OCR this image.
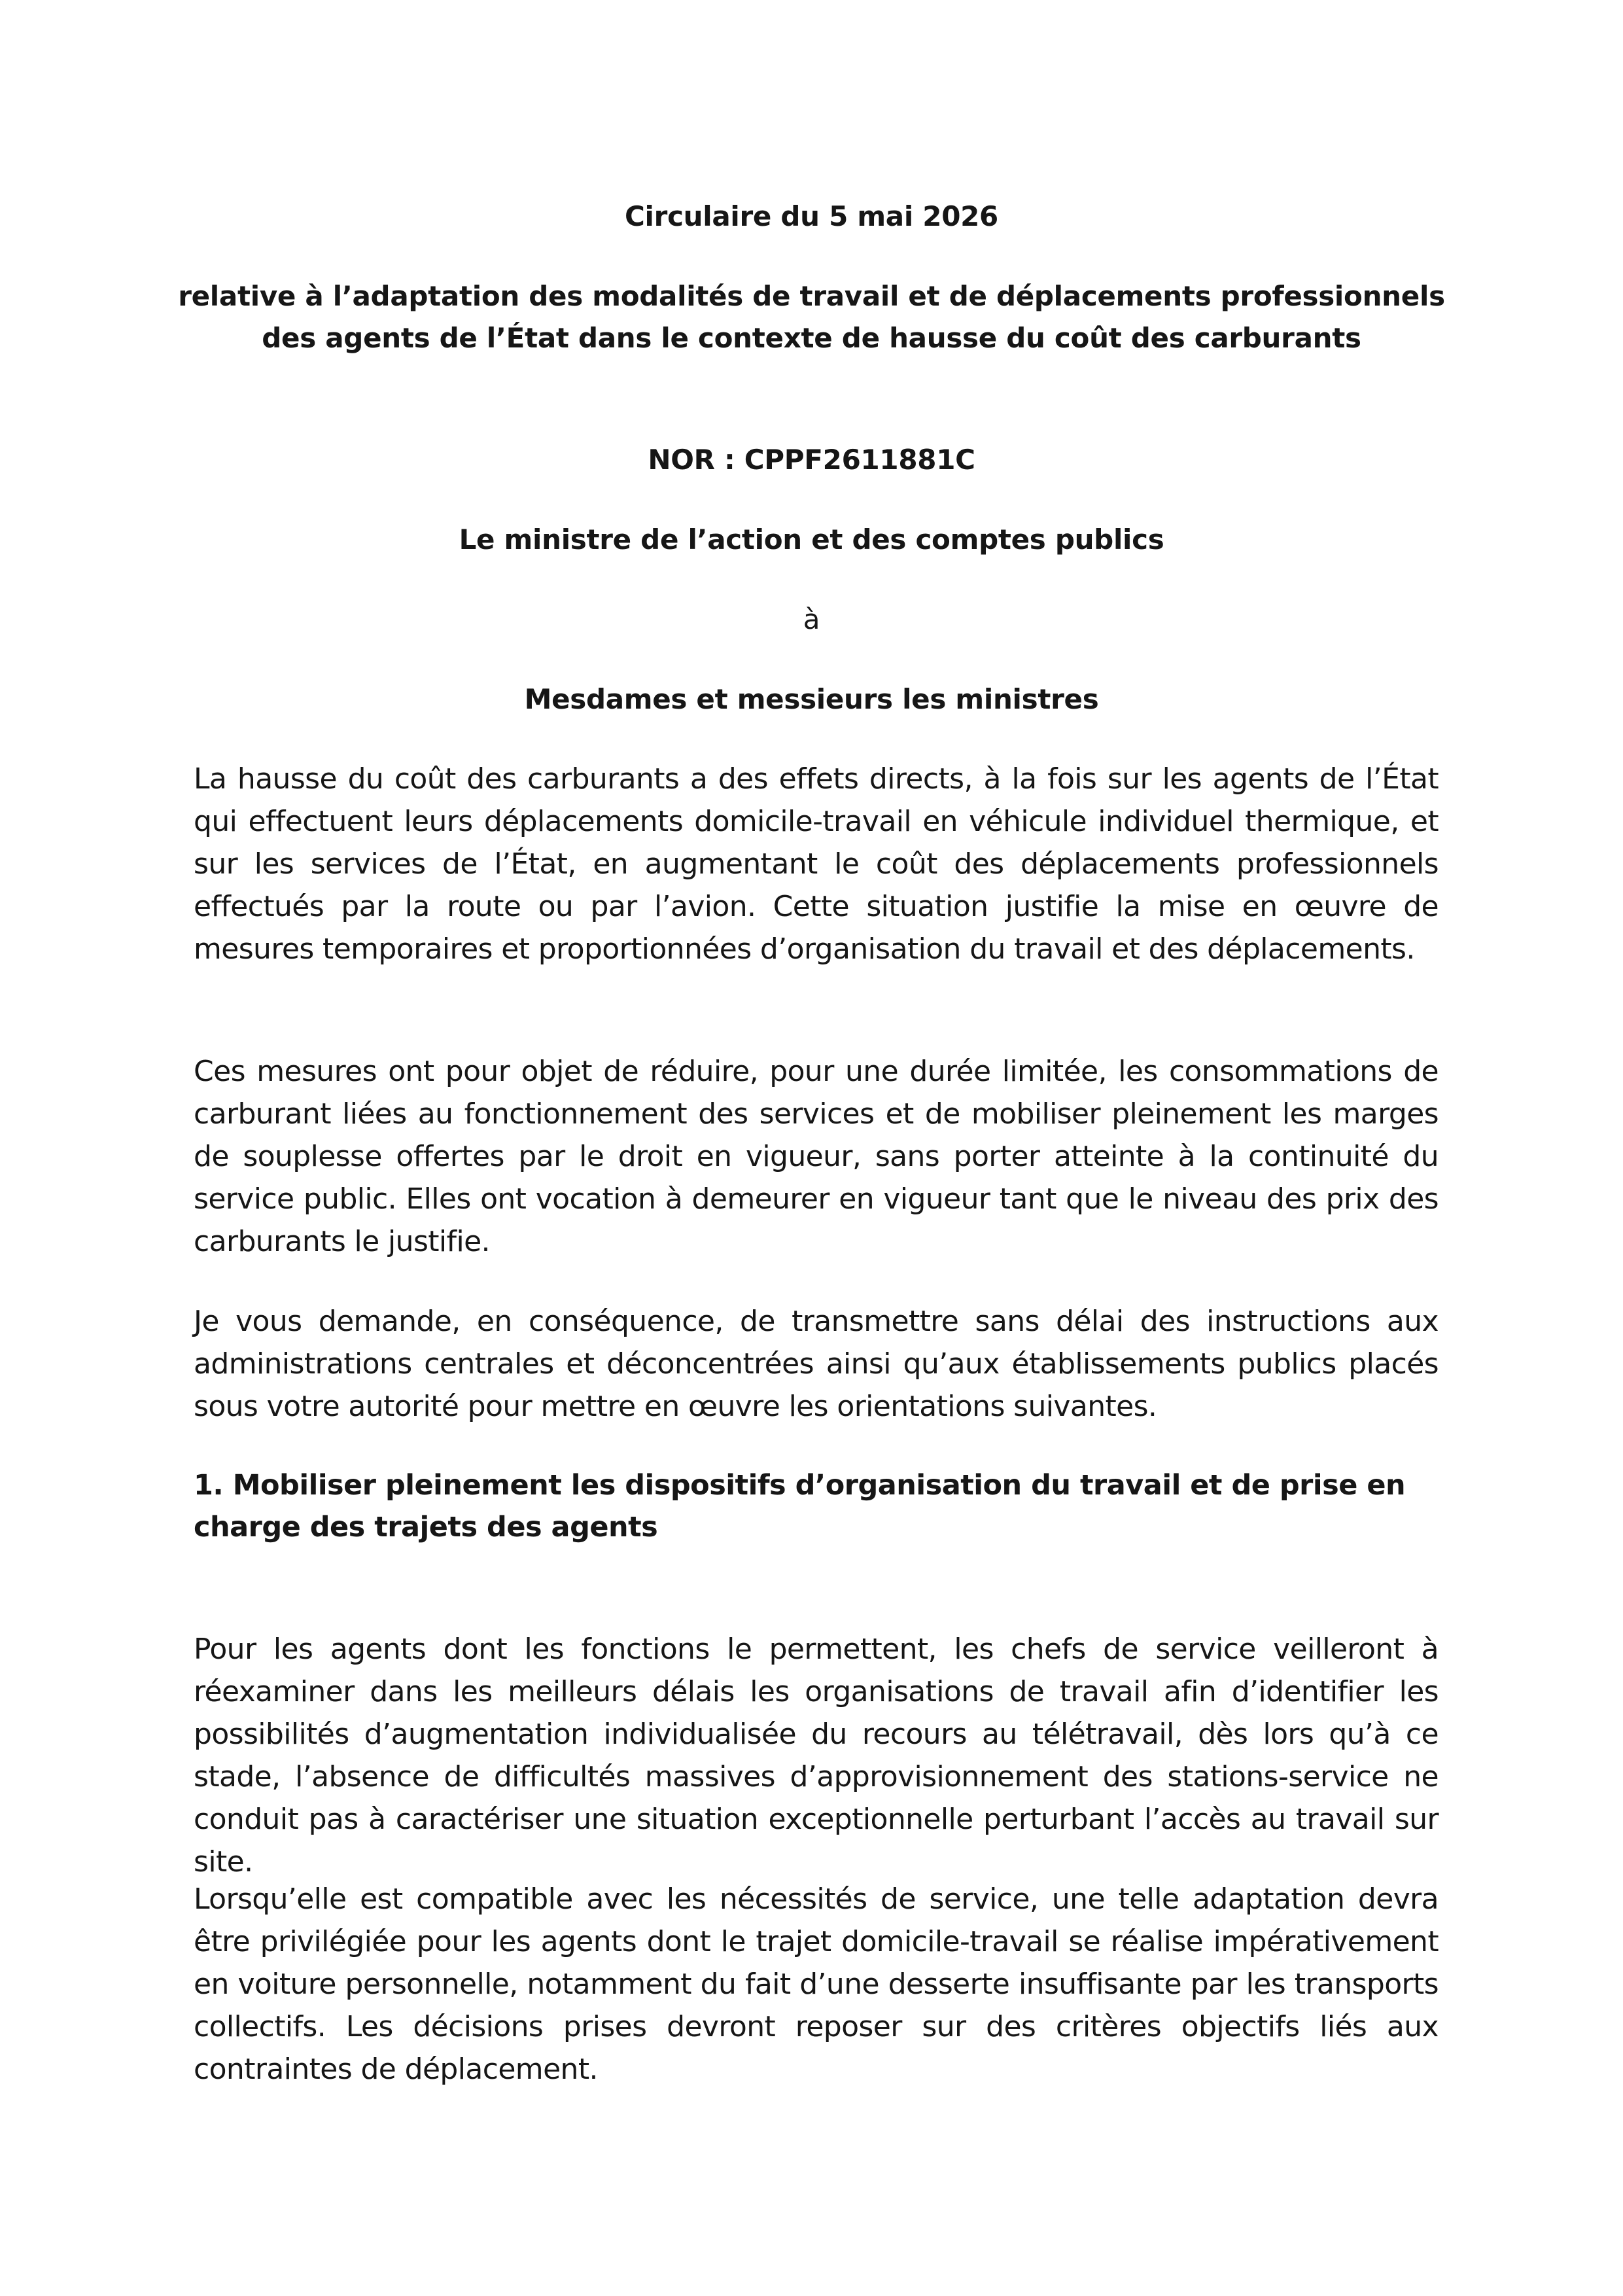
Circulaire du 5 mai 2026
relative à l’adaptation des modalités de travail et de déplacements professionnels
des agents de l’État dans le contexte de hausse du coût des carburants
NOR : CPPF2611881C
Le ministre de l’action et des comptes publics
à
Mesdames et messieurs les ministres

La hausse du coût des carburants a des effets directs, à la fois sur les agents de l’État qui effectuent leurs déplacements domicile-travail en véhicule individuel thermique, et sur les services de l’État, en augmentant le coût des déplacements professionnels effectués par la route ou par l’avion. Cette situation justifie la mise en œuvre de mesures temporaires et proportionnées d’organisation du travail et des déplacements.

Ces mesures ont pour objet de réduire, pour une durée limitée, les consommations de carburant liées au fonctionnement des services et de mobiliser pleinement les marges de souplesse offertes par le droit en vigueur, sans porter atteinte à la continuité du service public. Elles ont vocation à demeurer en vigueur tant que le niveau des prix des carburants le justifie.

Je vous demande, en conséquence, de transmettre sans délai des instructions aux administrations centrales et déconcentrées ainsi qu’aux établissements publics placés sous votre autorité pour mettre en œuvre les orientations suivantes.

1. Mobiliser pleinement les dispositifs d’organisation du travail et de prise en charge des trajets des agents

Pour les agents dont les fonctions le permettent, les chefs de service veilleront à réexaminer dans les meilleurs délais les organisations de travail afin d’identifier les possibilités d’augmentation individualisée du recours au télétravail, dès lors qu’à ce stade, l’absence de difficultés massives d’approvisionnement des stations-service ne conduit pas à caractériser une situation exceptionnelle perturbant l’accès au travail sur site.

Lorsqu’elle est compatible avec les nécessités de service, une telle adaptation devra être privilégiée pour les agents dont le trajet domicile-travail se réalise impérativement en voiture personnelle, notamment du fait d’une desserte insuffisante par les transports collectifs. Les décisions prises devront reposer sur des critères objectifs liés aux contraintes de déplacement.
